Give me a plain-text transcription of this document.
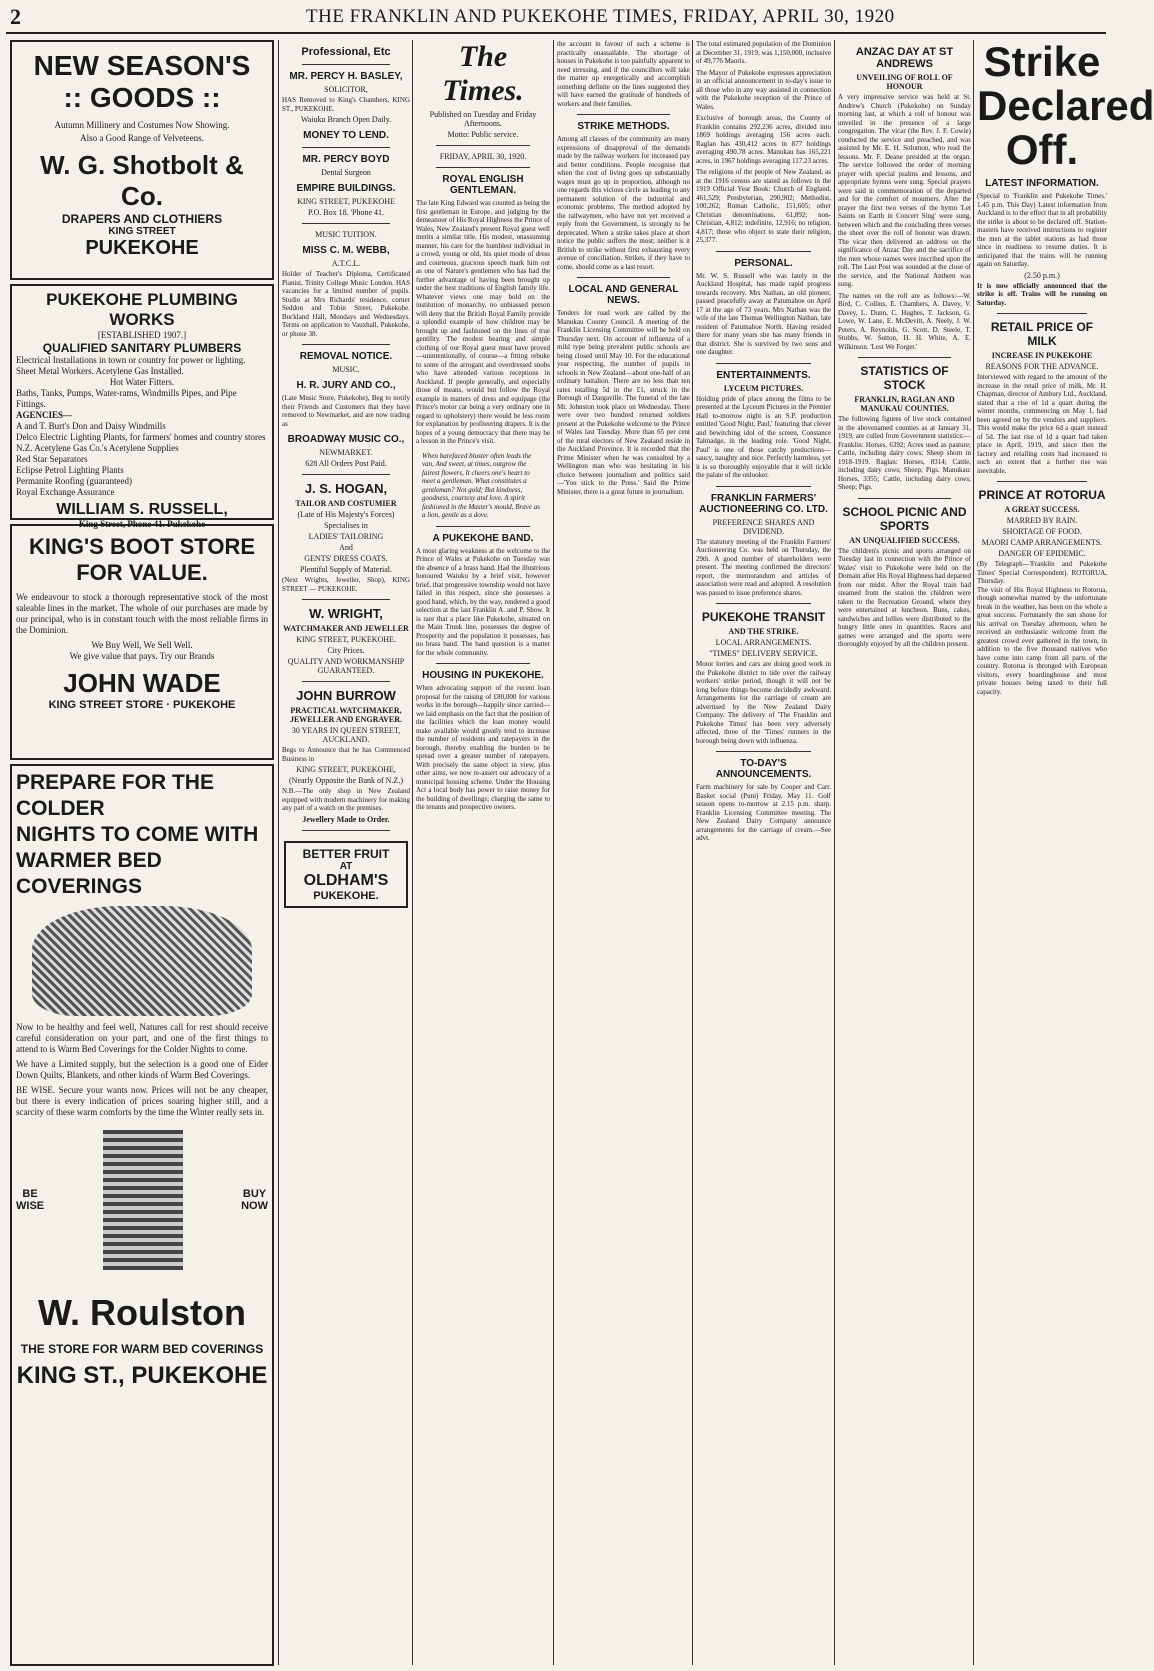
2	THE FRANKLIN AND PUKEKOHE TIMES, FRIDAY, APRIL 30, 1920
NEW SEASON'S
:: GOODS ::
Autumn Millinery and Costumes Now Showing.
Also a Good Range of Velveteens.
W. G. Shotbolt & Co.
DRAPERS AND CLOTHIERS
KING STREET
PUKEKOHE
PUKEKOHE PLUMBING WORKS
[ESTABLISHED 1907.]
QUALIFIED SANITARY PLUMBERS
Electrical Installations in town or country for power or lighting.
Sheet Metal Workers. Acetylene Gas Installed.
Hot Water Fitters.
Baths, Tanks, Pumps, Water-rams, Windmills Pipes, and Pipe Fittings.
AGENCIES—
A and T. Burt's Don and Daisy Windmills
Delco Electric Lighting Plants, for farmers' homes and country stores
N.Z. Acetylene Gas Co.'s Acetylene Supplies
Red Star Separators
Eclipse Petrol Lighting Plants
Permanite Roofing (guaranteed)
Royal Exchange Assurance
WILLIAM S. RUSSELL,
King Street, Phone 41. Pukekohe
KING'S BOOT STORE
FOR VALUE.
We endeavour to stock a thorough representative stock of the most saleable lines in the market. The whole of our purchases are made by our principal, who is in constant touch with the most reliable firms in the Dominion.
We Buy Well, We Sell Well.
We give value that pays. Try our Brands
JOHN WADE
KING STREET STORE · PUKEKOHE
PREPARE FOR THE COLDER
NIGHTS TO COME WITH
WARMER BED COVERINGS
Now to be healthy and feel well, Natures call for rest should receive careful consideration on your part, and one of the first things to attend to is Warm Bed Coverings for the Colder Nights to come.
We have a Limited supply, but the selection is a good one of Eider Down Quilts, Blankets, and other kinds of Warm Bed Coverings.
BE WISE. Secure your wants now. Prices will not be any cheaper, but there is every indication of prices soaring higher still, and a scarcity of these warm comforts by the time the Winter really sets in.
BE
WISE
BUY
NOW
W. Roulston
THE STORE FOR WARM BED COVERINGS
KING ST., PUKEKOHE
Professional, Etc
MR. PERCY H. BASLEY,
SOLICITOR,
HAS Removed to King's Chambers, KING ST., PUKEKOHE.
Waiuku Branch Open Daily.
MONEY TO LEND.
MR. PERCY BOYD
Dental Surgeon
EMPIRE BUILDINGS.
KING STREET, PUKEKOHE
P.O. Box 18. 'Phone 41.
MUSIC TUITION.
MISS C. M. WEBB,
A.T.C.L.
Holder of Teacher's Diploma, Certificated Pianist, Trinity College Music London. HAS vacancies for a limited number of pupils. Studio at Mrs Richards' residence, corner Seddon and Tobin Street, Pukekohe. Buckland Hall, Mondays and Wednesdays. Terms on application to Vauxhall, Pukekohe, or phone 38.
REMOVAL NOTICE.
MUSIC.
H. R. JURY AND CO.,
(Late Music Store, Pukekohe), Beg to notify their Friends and Customers that they have removed to Newmarket, and are now trading as
BROADWAY MUSIC CO.,
NEWMARKET.
628 All Orders Post Paid.
J. S. HOGAN,
TAILOR AND COSTUMIER
(Late of His Majesty's Forces)
Specialises in
LADIES' TAILORING
And
GENTS' DRESS COATS.
Plentiful Supply of Material.
(Next Wrights, Jeweller, Shop), KING STREET — PUKEKOHE.
W. WRIGHT,
WATCHMAKER AND JEWELLER
KING STREET, PUKEKOHE.
City Prices.
QUALITY AND WORKMANSHIP GUARANTEED.
JOHN BURROW
PRACTICAL WATCHMAKER, JEWELLER AND ENGRAVER.
30 YEARS IN QUEEN STREET, AUCKLAND.
Begs to Announce that he has Commenced Business in
KING STREET, PUKEKOHE,
(Nearly Opposite the Bank of N.Z.)
N.B.—The only shop in New Zealand equipped with modern machinery for making any part of a watch on the premises.
Jewellery Made to Order.
BETTER FRUIT
AT
OLDHAM'S
PUKEKOHE.
The Times.
Published on Tuesday and Friday Afternoons.
Motto: Public service.
FRIDAY, APRIL 30, 1920.
ROYAL ENGLISH GENTLEMAN.
The late King Edward was counted as being the first gentleman in Europe, and judging by the demeanour of His Royal Highness the Prince of Wales, New Zealand's present Royal guest well merits a similar title. His modest, unassuming manner, his care for the humblest individual in a crowd, young or old, his quiet mode of dress and courteous, gracious speech mark him out as one of Nature's gentlemen who has had the further advantage of having been brought up under the best traditions of English family life. Whatever views one may hold on the institution of monarchy, no unbiassed person will deny that the British Royal Family provide a splendid example of how children may be brought up and fashioned on the lines of true gentility. The modest bearing and simple clothing of our Royal guest must have proved—unintentionally, of course—a fitting rebuke to some of the arrogant and overdressed snobs who have attended various receptions in Auckland. If people generally, and especially those of means, would but follow the Royal example in matters of dress and equipage (the Prince's motor car being a very ordinary one in regard to upholstery) there would be less room for explanation by profiteering drapers. It is the hopes of a young democracy that there may be a lesson in the Prince's visit.
When barefaced bluster often leads the van, And sweet, at times, outgrow the fairest flowers, It cheers one's heart to meet a gentleman. What constitutes a gentleman? Not gold; But kindness, goodness, courtesy and love. A spirit fashioned in the Master's mould, Brave as a lion, gentle as a dove.
A PUKEKOHE BAND.
A most glaring weakness at the welcome to the Prince of Wales at Pukekohe on Tuesday was the absence of a brass band. Had the illustrious honoured Waiuku by a brief visit, however brief, that progressive township would not have failed in this respect, since she possesses a good band, which, by the way, rendered a good selection at the last Franklin A. and P. Show. It is rare that a place like Pukekohe, situated on the Main Trunk line, possesses the degree of Prosperity and the population it possesses, has no brass band. The band question is a matter for the whole community.
HOUSING IN PUKEKOHE.
When advocating support of the recent loan proposal for the raising of £80,000 for various works in the borough—happily since carried—we laid emphasis on the fact that the position of the facilities which the loan money would make available would greatly tend to increase the number of residents and ratepayers in the borough, thereby enabling the burden to be spread over a greater number of ratepayers. With precisely the same object in view, plus other aims, we now re-assert our advocacy of a municipal housing scheme. Under the Housing Act a local body has power to raise money for the building of dwellings; charging the same to the tenants and prospective owners.
the account in favour of such a scheme is practically unassailable. The shortage of houses in Pukekohe is too painfully apparent to need stressing, and if the councillors will take the matter up energetically and accomplish something definite on the lines suggested they will have earned the gratitude of hundreds of workers and their families.
STRIKE METHODS.
Among all classes of the community are many expressions of disapproval of the demands made by the railway workers for increased pay and better conditions. People recognise that when the cost of living goes up substantially wages must go up in proportion, although no one regards this vicious circle as leading to any permanent solution of the industrial and economic problems. The method adopted by the railwaymen, who have not yet received a reply from the Government, is strongly to be deprecated. When a strike takes place at short notice the public suffers the most; neither is it British to strike without first exhausting every avenue of conciliation. Strikes, if they have to come, should come as a last resort.
LOCAL AND GENERAL NEWS.
Tenders for road work are called by the Manukau County Council. A meeting of the Franklin Licensing Committee will be held on Thursday next. On account of influenza of a mild type being prevalent public schools are being closed until May 10. For the educational year respecting, the number of pupils in schools in New Zealand—about one-half of an ordinary battalion. There are no less than ten rates totalling 5d in the £1, struck in the Borough of Dargaville. The funeral of the late Mr. Johnston took place on Wednesday. There were over two hundred returned soldiers present at the Pukekohe welcome to the Prince of Wales last Tuesday. More than 65 per cent of the rural electors of New Zealand reside in the Auckland Province. It is recorded that the Prime Minister when he was consulted by a Wellington man who was hesitating in his choice between journalism and politics said—'You stick to the Press.' Said the Prime Minister, there is a great future in journalism.
The total estimated population of the Dominion at December 31, 1919, was 1,150,000, inclusive of 49,776 Maoris.
The Mayor of Pukekohe expresses appreciation in an official announcement in to-day's issue to all those who in any way assisted in connection with the Pukekohe reception of the Prince of Wales.
Exclusive of borough areas, the County of Franklin contains 292,236 acres, divided into 1869 holdings averaging 156 acres each. Raglan has 430,412 acres in 877 holdings averaging 490.78 acres. Manukau has 165,221 acres, in 1967 holdings averaging 117.23 acres.
The religions of the people of New Zealand, as at the 1916 census are stated as follows in the 1919 Official Year Book: Church of England, 461,529; Presbyterian, 290,902; Methodist, 100,262; Roman Catholic, 151,605; other Christian denominations, 61,892; non-Christian, 4,812; indefinite, 12,916; no religion, 4,817; those who object to state their religion, 25,377.
PERSONAL.
Mr. W. S. Russell who was lately in the Auckland Hospital, has made rapid progress towards recovery. Mrs Nathan, an old pioneer, passed peacefully away at Patumahoe on April 17 at the age of 73 years. Mrs Nathan was the wife of the late Thomas Wellington Nathan, late resident of Patumahoe North. Having resided there for many years she has many friends in that district. She is survived by two sons and one daughter.
ENTERTAINMENTS.
LYCEUM PICTURES.
Holding pride of place among the films to be presented at the Lyceum Pictures in the Premier Hall to-morrow night is an S.P. production entitled 'Good Night, Paul,' featuring that clever and bewitching idol of the screen, Constance Talmadge, in the leading role. 'Good Night, Paul' is one of those catchy productions—saucy, naughty and nice. Perfectly harmless, yet it is so thoroughly enjoyable that it will tickle the palate of the onlooker.
FRANKLIN FARMERS' AUCTIONEERING CO. LTD.
PREFERENCE SHARES AND DIVIDEND.
The statutory meeting of the Franklin Farmers' Auctioneering Co. was held on Thursday, the 29th. A good number of shareholders were present. The meeting confirmed the directors' report, the memorandum and articles of association were read and adopted. A resolution was passed to issue preference shares.
PUKEKOHE TRANSIT
AND THE STRIKE.
LOCAL ARRANGEMENTS.
"TIMES" DELIVERY SERVICE.
Motor lorries and cars are doing good work in the Pukekohe district to tide over the railway workers' strike period, though it will not be long before things become decidedly awkward. Arrangements for the carriage of cream are advertised by the New Zealand Dairy Company. The delivery of 'The Franklin and Pukekohe Times' has been very adversely affected, three of the 'Times' runners in the borough being down with influenza.
TO-DAY'S ANNOUNCEMENTS.
Farm machinery for sale by Cooper and Carr. Basket social (Puni) Friday, May 11. Golf season opens to-morrow at 2.15 p.m. sharp. Franklin Licensing Committee meeting. The New Zealand Dairy Company announce arrangements for the carriage of cream.—See advt.
ANZAC DAY AT ST ANDREWS
UNVEILING OF ROLL OF HONOUR
A very impressive service was held at St. Andrew's Church (Pukekohe) on Sunday morning last, at which a roll of honour was unveiled in the presence of a large congregation. The vicar (the Rev. J. F. Cowie) conducted the service and preached, and was assisted by Mr. E. H. Solomon, who read the lessons. Mr. F. Deane presided at the organ. The service followed the order of morning prayer with special psalms and lessons, and appropriate hymns were sung. Special prayers were said in commemoration of the departed and for the comfort of mourners. After the prayer the first two verses of the hymn 'Let Saints on Earth in Concert Sing' were sung, between which and the concluding three verses the sheet over the roll of honour was drawn. The vicar then delivered an address on the significance of Anzac Day and the sacrifice of the men whose names were inscribed upon the roll. The Last Post was sounded at the close of the service, and the National Anthem was sung.
The names on the roll are as follows:—W. Bird, C. Collins, E. Chambers, A. Davey, V. Davey, L. Dunn, C. Hughes, T. Jackson, G. Lowe, W. Lane, E. McDevitt, A. Neely, J. W. Peters, A. Reynolds, G. Scott, D. Steele, T. Stubbs, W. Sutton, H. H. White, A. E. Wilkinson. 'Lest We Forget.'
STATISTICS OF STOCK
FRANKLIN, RAGLAN AND MANUKAU COUNTIES.
The following figures of live stock contained in the abovenamed counties as at January 31, 1919, are culled from Government statistics:—Franklin: Horses, 6392; Acres used as pasture; Cattle, including dairy cows; Sheep shorn in 1918-1919. Raglan: Horses, 8314; Cattle, including dairy cows; Sheep; Pigs. Manukau: Horses, 3355; Cattle, including dairy cows; Sheep; Pigs.
SCHOOL PICNIC AND SPORTS
AN UNQUALIFIED SUCCESS.
The children's picnic and sports arranged on Tuesday last in connection with the Prince of Wales' visit to Pukekohe were held on the Domain after His Royal Highness had departed from our midst. After the Royal train had steamed from the station the children were taken to the Recreation Ground, where they were entertained at luncheon. Buns, cakes, sandwiches and lollies were distributed to the hungry little ones in quantities. Races and games were arranged and the sports were thoroughly enjoyed by all the children present.
Strike
Declared
Off.
LATEST INFORMATION.
(Special to 'Franklin and Pukekohe Times.' 1.45 p.m. This Day) Latest information from Auckland is to the effect that in all probability the strike is about to be declared off. Station-masters have received instructions to register the men at the tablet stations as had those since in readiness to resume duties. It is anticipated that the trains will be running again on Saturday.
(2.50 p.m.)
It is now officially announced that the strike is off. Trains will be running on Saturday.
RETAIL PRICE OF MILK
INCREASE IN PUKEKOHE
REASONS FOR THE ADVANCE.
Interviewed with regard to the amount of the increase in the retail price of milk, Mr. H. Chapman, director of Ambury Ltd., Auckland, stated that a rise of 1d a quart during the winter months, commencing on May 1, had been agreed on by the vendors and suppliers. This would make the price 6d a quart instead of 5d. The last rise of 1d a quart had taken place in April, 1919, and since then the factory and retailing costs had increased to such an extent that a further rise was inevitable.
PRINCE AT ROTORUA
A GREAT SUCCESS.
MARRED BY RAIN.
SHORTAGE OF FOOD.
MAORI CAMP ARRANGEMENTS.
DANGER OF EPIDEMIC.
(By Telegraph—'Franklin and Pukekohe Times' Special Correspondent). ROTORUA, Thursday.
The visit of His Royal Highness to Rotorua, though somewhat marred by the unfortunate break in the weather, has been on the whole a great success. Fortunately the sun shone for his arrival on Tuesday afternoon, when he received an enthusiastic welcome from the greatest crowd ever gathered in the town, in addition to the five thousand natives who have come into camp from all parts of the country. Rotorua is thronged with European visitors, every boardinghouse and most private houses being taxed to their full capacity.
